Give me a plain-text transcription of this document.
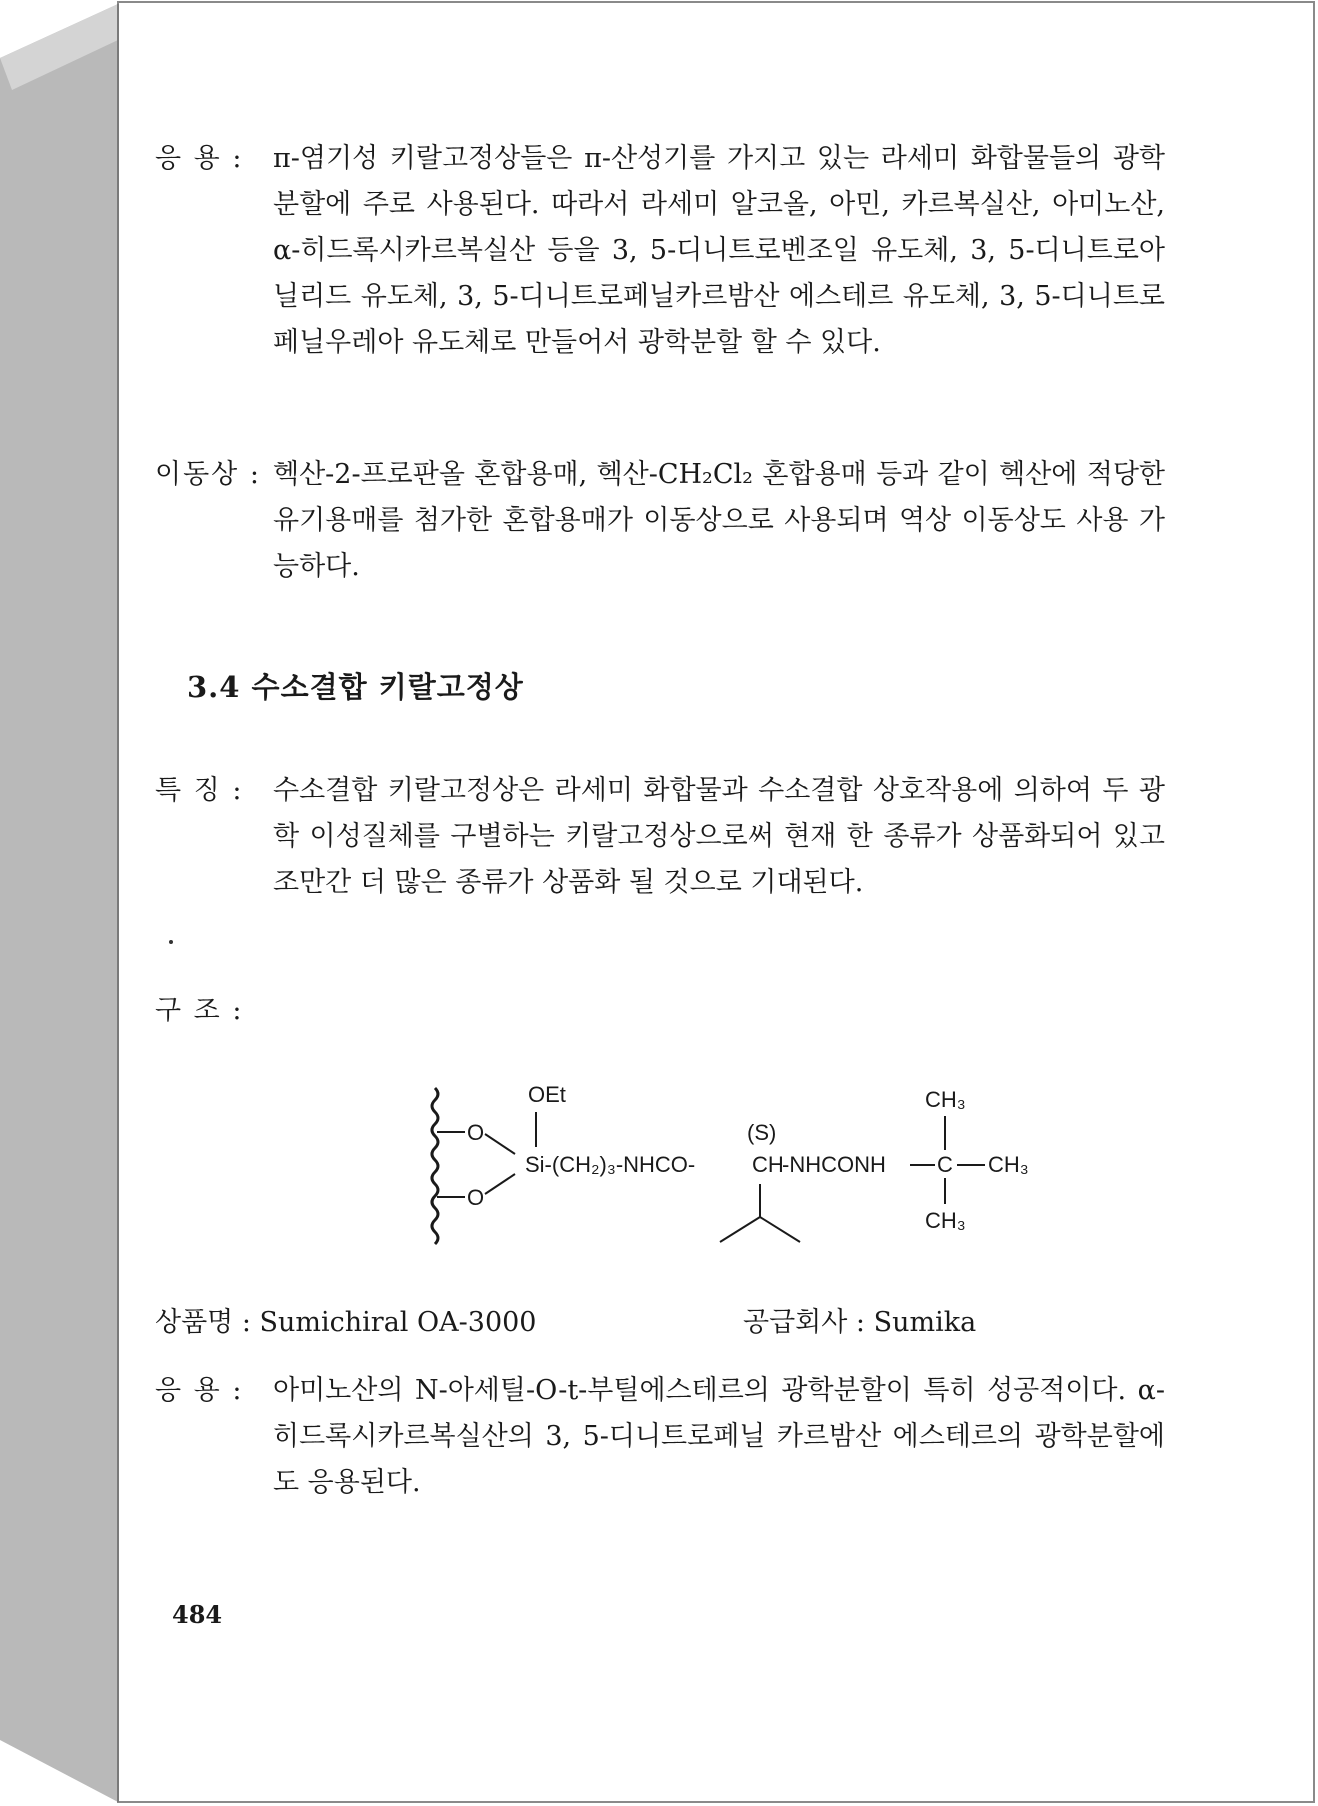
응 용 :	π-염기성 키랄고정상들은 π-산성기를 가지고 있는 라세미 화합물들의 광학분할에 주로 사용된다. 따라서 라세미 알코올, 아민, 카르복실산, 아미노산, α-히드록시카르복실산 등을 3, 5-디니트로벤조일 유도체, 3, 5-디니트로아닐리드 유도체, 3, 5-디니트로페닐카르밤산 에스테르 유도체, 3, 5-디니트로페닐우레아 유도체로 만들어서 광학분할 할 수 있다.
이동상 : 헥산-2-프로판올 혼합용매, 헥산-CH₂Cl₂ 혼합용매 등과 같이 헥산에 적당한 유기용매를 첨가한 혼합용매가 이동상으로 사용되며 역상 이동상도 사용 가능하다.
3.4 수소결합 키랄고정상
특 징 :	수소결합 키랄고정상은 라세미 화합물과 수소결합 상호작용에 의하여 두 광학 이성질체를 구별하는 키랄고정상으로써 현재 한 종류가 상품화되어 있고 조만간 더 많은 종류가 상품화 될 것으로 기대된다.
구 조 :
O
O
OEt
Si-(CH₂)₃-NHCO-
(S)
CH
-NHCONH C
CH₃
CH₃
CH₃
상품명 : Sumichiral OA-3000	공급회사 : Sumika
응 용 :	아미노산의 N-아세틸-O-t-부틸에스테르의 광학분할이 특히 성공적이다. α-히드록시카르복실산의 3, 5-디니트로페닐 카르밤산 에스테르의 광학분할에도 응용된다.
484
